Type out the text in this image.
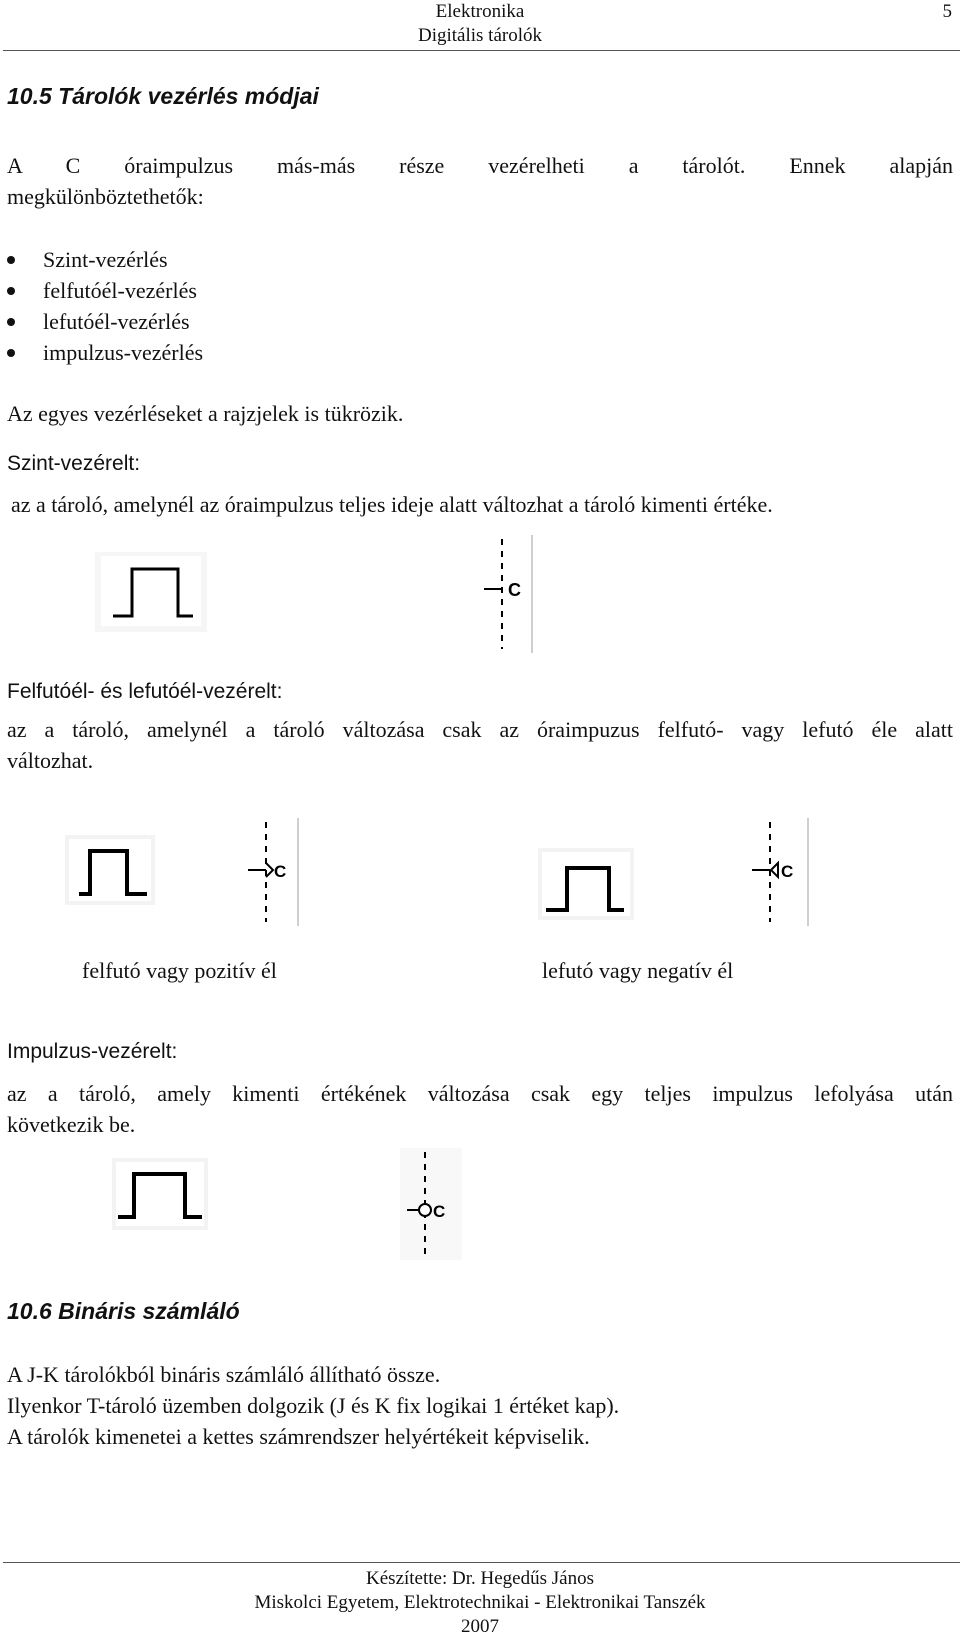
Elektronika
Digitális tárolók
5
10.5 Tárolók vezérlés módjai
A C óraimpulzus más-más része vezérelheti a tárolót. Ennek alapján
megkülönböztethetők:
Szint-vezérlés
felfutóél-vezérlés
lefutóél-vezérlés
impulzus-vezérlés
Az egyes vezérléseket a rajzjelek is tükrözik.
Szint-vezérelt:
az a tároló, amelynél az óraimpulzus teljes ideje alatt változhat a tároló kimenti értéke.
C
Felfutóél- és lefutóél-vezérelt:
az a tároló, amelynél a tároló változása csak az óraimpuzus felfutó- vagy lefutó éle alatt
változhat.
C	C
felfutó vagy pozitív él	lefutó vagy negatív él
Impulzus-vezérelt:
az a tároló, amely kimenti értékének változása csak egy teljes impulzus lefolyása után
következik be.
C
10.6 Bináris számláló
A J-K tárolókból bináris számláló állítható össze.
Ilyenkor T-tároló üzemben dolgozik (J és K fix logikai 1 értéket kap).
A tárolók kimenetei a kettes számrendszer helyértékeit képviselik.
Készítette: Dr. Hegedűs János
Miskolci Egyetem, Elektrotechnikai - Elektronikai Tanszék
2007
